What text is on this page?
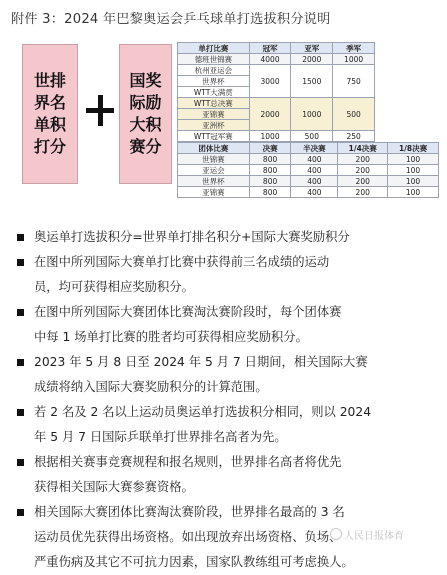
附件 3：2024 年巴黎奥运会乒乓球单打选拔积分说明
世排
界名
单积
打分
国奖
际励
大积
赛分
单打比赛	冠军	亚军	季军
德班世锦赛	4000	2000	1000
杭州亚运会	3000	1500	750
世界杯			
WTT大满贯			
WTT总决赛	2000	1000	500
亚锦赛			
亚洲杯			
WTT冠军赛	1000	500	250
团体比赛	决赛	半决赛	1/4决赛	1/8决赛
世锦赛	800	400	200	100
亚运会	800	400	200	100
世界杯	800	400	200	100
亚锦赛	800	400	200	100

奥运单打选拔积分=世界单打排名积分+国际大赛奖励积分

在图中所列国际大赛单打比赛中获得前三名成绩的运动

员，均可获得相应奖励积分。

在图中所列国际大赛团体比赛淘汰赛阶段时，每个团体赛

中每 1 场单打比赛的胜者均可获得相应奖励积分。

2023 年 5 月 8 日至 2024 年 5 月 7 日期间，相关国际大赛

成绩将纳入国际大赛奖励积分的计算范围。

若 2 名及 2 名以上运动员奥运单打选拔积分相同，则以 2024

年 5 月 7 日国际乒联单打世界排名高者为先。

根据相关赛事竞赛规程和报名规则，世界排名高者将优先

获得相关国际大赛参赛资格。

相关国际大赛团体比赛淘汰赛阶段，世界排名最高的 3 名

运动员优先获得出场资格。如出现放弃出场资格、负场、

严重伤病及其它不可抗力因素，国家队教练组可考虑换人。

人民日报体育
